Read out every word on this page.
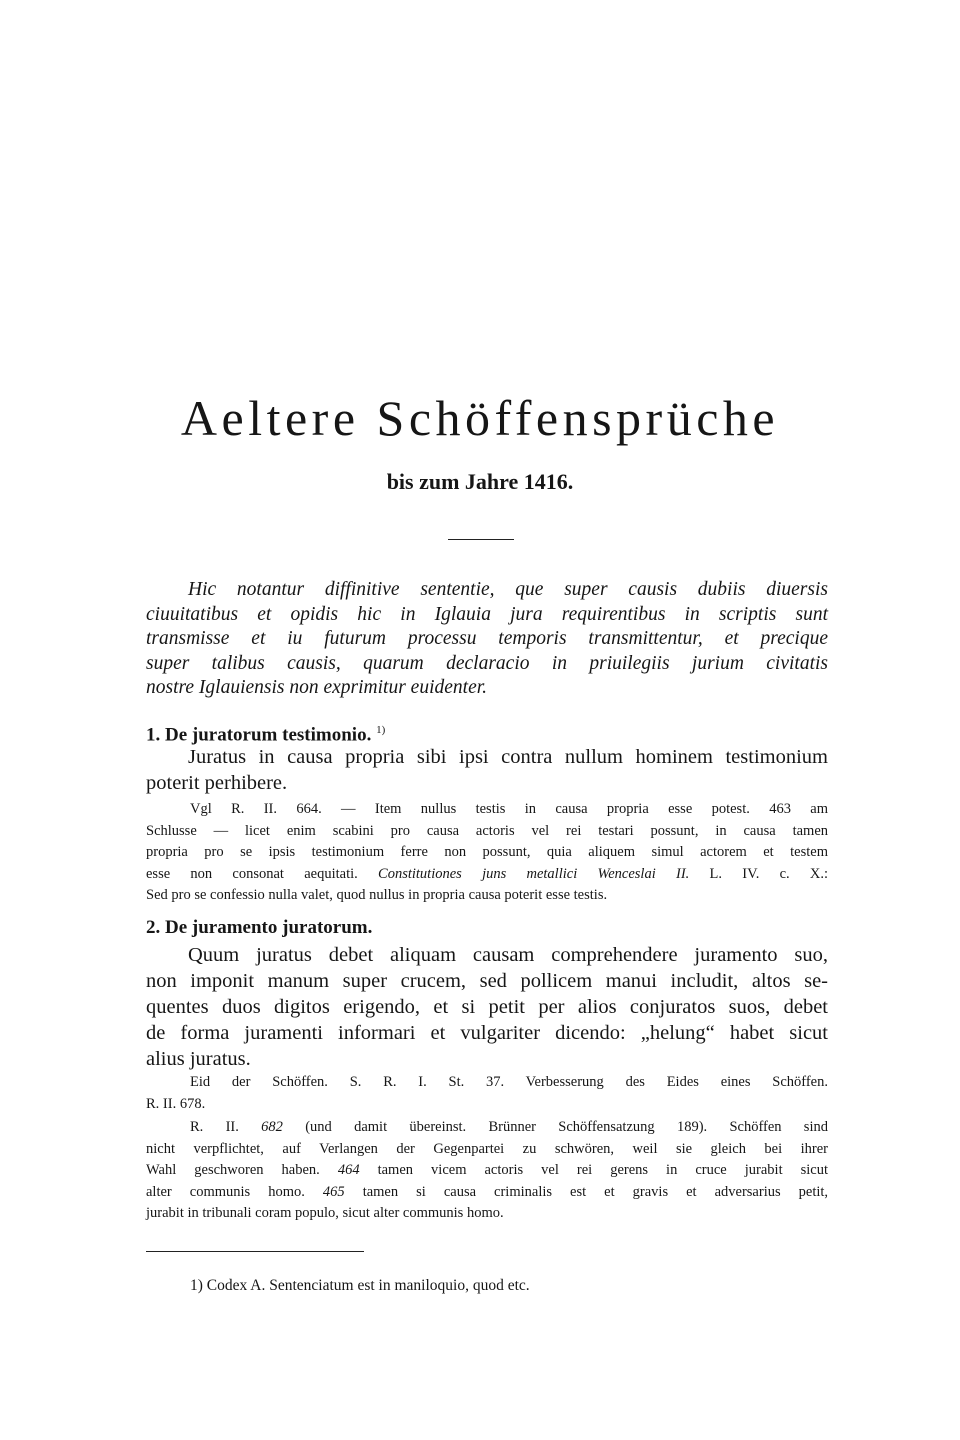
Aeltere Schöffensprüche
bis zum Jahre 1416.
Hic notantur diffinitive sententie, que super causis dubiis diuersis
ciuuitatibus et opidis hic in Iglauia jura requirentibus in scriptis sunt
transmisse et iu futurum processu temporis transmittentur, et precique
super talibus causis, quarum declaracio in priuilegiis jurium civitatis
nostre Iglauiensis non exprimitur euidenter.
1. De juratorum testimonio. $^{1)}$
Juratus in causa propria sibi ipsi contra nullum hominem testimonium
poterit perhibere.
Vgl R. II. 664. — Item nullus testis in causa propria esse potest. 463 am
Schlusse — licet enim scabini pro causa actoris vel rei testari possunt, in causa tamen
propria pro se ipsis testimonium ferre non possunt, quia aliquem simul actorem et testem
esse non consonat aequitati. Constitutiones juns metallici Wenceslai II. L. IV. c. X.:
Sed pro se confessio nulla valet, quod nullus in propria causa poterit esse testis.
2. De juramento juratorum.
Quum juratus debet aliquam causam comprehendere juramento suo,
non imponit manum super crucem, sed pollicem manui includit, altos se-
quentes duos digitos erigendo, et si petit per alios conjuratos suos, debet
de forma juramenti informari et vulgariter dicendo: „helung“ habet sicut
alius juratus.
Eid der Schöffen. S. R. I. St. 37. Verbesserung des Eides eines Schöffen.
R. II. 678.
R. II. 682 (und damit übereinst. Brünner Schöffensatzung 189). Schöffen sind
nicht verpflichtet, auf Verlangen der Gegenpartei zu schwören, weil sie gleich bei ihrer
Wahl geschworen haben. 464 tamen vicem actoris vel rei gerens in cruce jurabit sicut
alter communis homo. 465 tamen si causa criminalis est et gravis et adversarius petit,
jurabit in tribunali coram populo, sicut alter communis homo.
1) Codex A. Sentenciatum est in maniloquio, quod etc.
